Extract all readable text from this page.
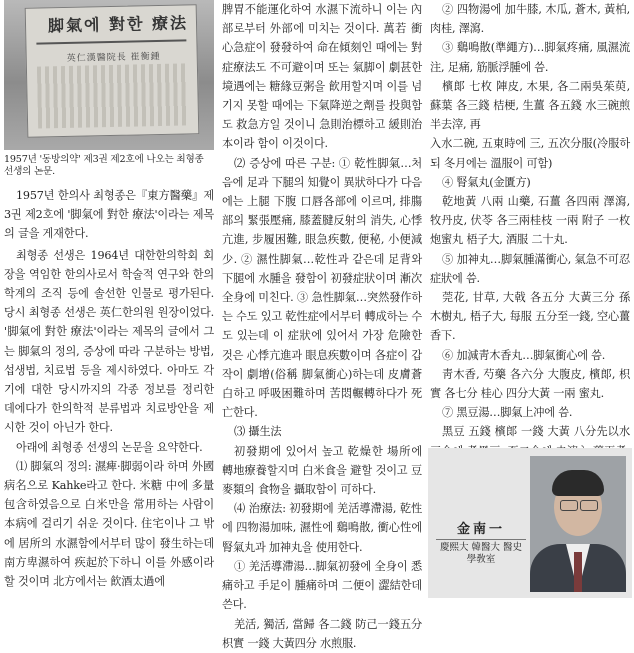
脚氣에 對한 療法
英仁漢醫院長 崔衡鍾
1957년 '동방의약' 제3권 제2호에 나오는 최형종 선생의 논문.

1957년 한의사 최형종은『東方醫藥』제3권 제2호에 '脚氣에 對한 療法'이라는 제목의 글을 게재한다.

최형종 선생은 1964년 대한한의학회 회장을 역임한 한의사로서 학술적 연구와 한의학계의 조직 등에 솔선한 인물로 평가된다. 당시 최형종 선생은 英仁한의원 원장이었다. '脚氣에 對한 療法'이라는 제목의 글에서 그는 脚氣의 정의, 증상에 따라 구분하는 방법, 섭생법, 치료법 등을 제시하였다. 아마도 각기에 대한 당시까지의 각종 정보를 정리한 데에다가 한의학적 분류법과 치료방안을 제시한 것이 아닌가 한다.

아래에 최형종 선생의 논문을 요약한다.

⑴ 脚氣의 정의: 濕痺·脚弱이라 하며 外國病名으로 Kahke라고 한다. 米糖 中에 多量包含하였음으로 白米만을 常用하는 사람이 本病에 걸리기 쉬운 것이다. 住宅이나 그 밖에 居所의 水濕함에서부터 많이 發生하는데 南方卑濕하여 疾起於下하니 이를 外感이라 할 것이며 北方에서는 飮酒太過에

脾胃不能運化하여 水濕下流하니 이는 內部로부터 外部에 미치는 것이다. 萬若 衝心急症이 發發하여 命在傾刻인 때에는 對症療法도 不可避이며 또는 氣脚이 劇甚한 境遇에는 糖緣豆粥을 飮用할지며 이를 넘기지 못할 때에는 下氣降逆之劑를 投與함도 救急方일 것이니 急則治標하고 緩則治本이라 함이 이것이다.

⑵ 증상에 따른 구분: ① 乾性脚氣…처음에 足과 下腿의 知覺이 異狀하다가 다음에는 上腿 下腹 口唇各部에 이르며, 排膓部의 緊張壓痛, 膝蓋腱反射의 消失, 心悸亢進, 步履困難, 眼急疾數, 便秘, 小便減少. ② 濕性脚氣…乾性과 같은데 足背와 下腿에 水腫을 發함이 初發症狀이며 漸次 全身에 미친다. ③ 急性脚氣…突然發作하는 수도 있고 乾性症에서부터 轉成하는 수도 있는데 이 症狀에 있어서 가장 危險한 것은 心悸亢進과 眼息疾數이며 各症이 갑작이 劇增(俗稱 脚氣衝心)하는데 皮膚蒼白하고 呼吸困難하며 苦悶輾轉하다가 死亡한다.

⑶ 攝生法

初發期에 있어서 높고 乾燥한 場所에 轉地療養할지며 白米食을 避할 것이고 豆麥類의 食物을 攝取함이 可하다.

⑷ 治療法: 初發期에 羌活導滯湯, 乾性에 四物湯加味, 濕性에 鷄鳴散, 衝心性에 腎氣丸과 加神丸을 使用한다.

① 羌活導滯湯…脚氣初發에 全身이 悉痛하고 手足이 腫痛하며 二便이 澀結한데 쓴다.

羌活, 獨活, 當歸 各二錢 防己一錢五分 枳實 一錢 大黃四分 水煎服.

② 四物湯에 加牛膝, 木瓜, 蒼木, 黃柏, 肉桂, 澤瀉.

③ 鷄鳴散(準繩方)…脚氣疼痛, 風濕流注, 足痛, 筋脈浮腫에 씀.

檳郞 七枚 陣皮, 木果, 各二兩吳茱萸, 蘇葉 各三錢 桔梗, 生薑 各五錢 水三碗煎半去滓, 再

入水二碗, 五東時에 三, 五次分服(冷服하되 冬月에는 溫服이 可함)

④ 腎氣丸(金匱方)

乾地黃 八兩 山藥, 石薑 各四兩 澤瀉, 牧丹皮, 伏苓 各三兩桂枝 一兩 附子 一枚 炮蜜丸 梧子大, 酒服 二十丸.

⑤ 加神丸…脚氣腫滿衝心, 氣急不可忍症狀에 씀.

莞花, 甘草, 大戟 各五分 大黃三分 孫木樹丸, 梧子大, 每服 五分至一錢, 空心薑香下.

⑥ 加減靑木香丸…脚氣衝心에 씀.

靑木香, 芍藥 各六分 大腹皮, 檳郞, 枳實 各七分 桂心 四分大黃 一兩 蜜丸.

⑦ 黑豆湯…脚氣上冲에 씀.

黑豆 五錢 檳郞 一錢 大黃 八分先以水

金南一
慶熙大 韓醫大 醫史學敎室
